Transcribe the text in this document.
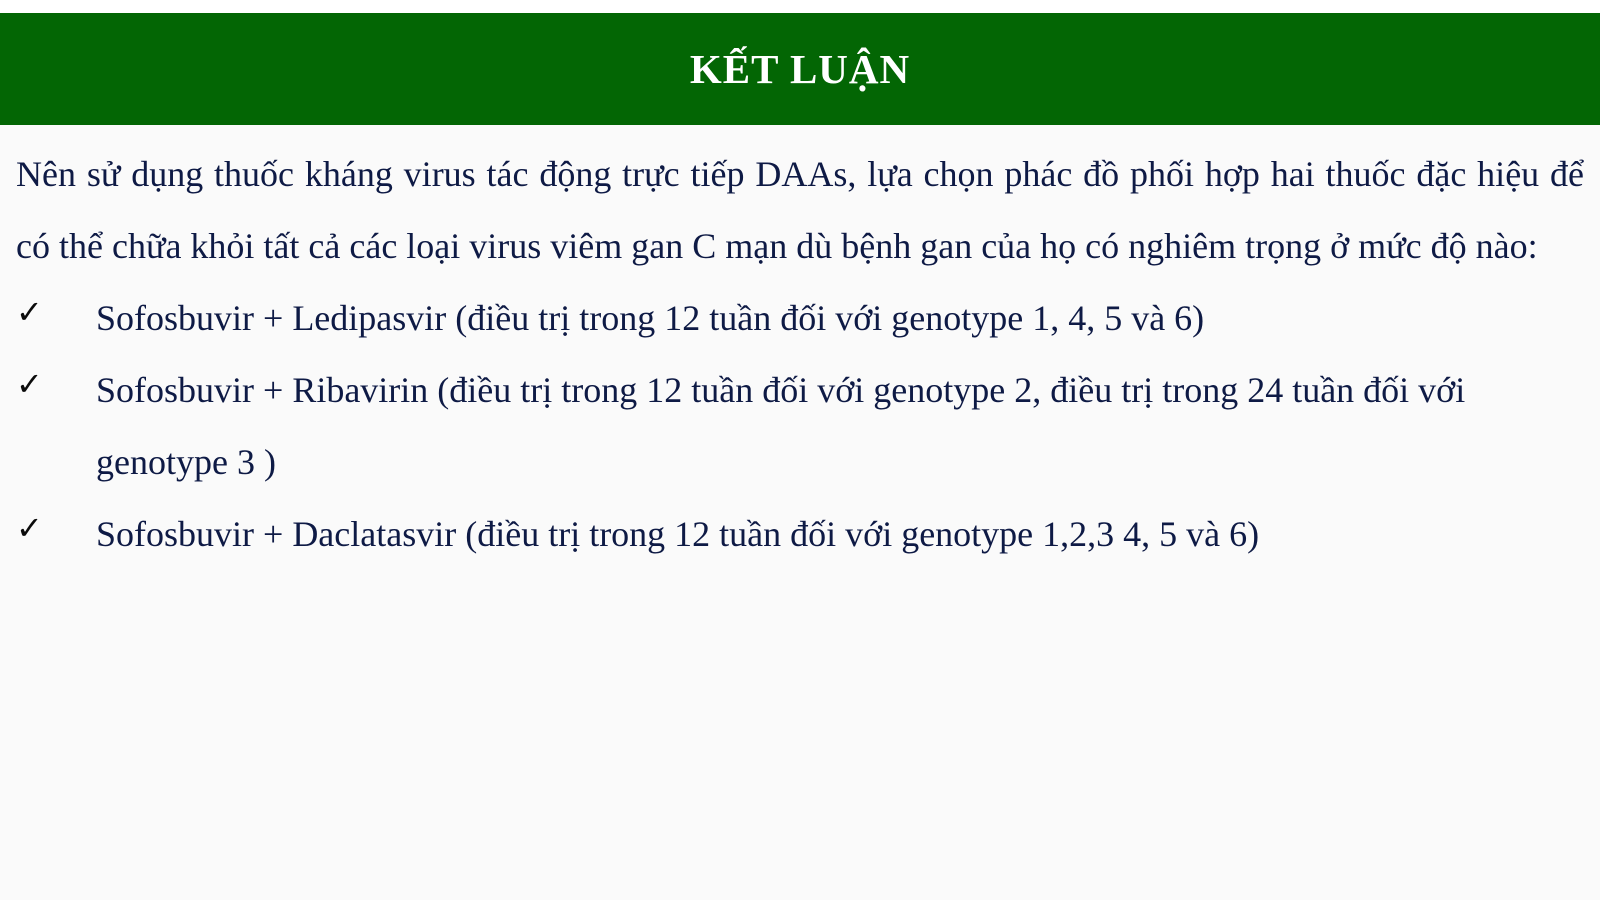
KẾT LUẬN

Nên sử dụng thuốc kháng virus tác động trực tiếp DAAs, lựa chọn phác đồ phối hợp hai thuốc đặc hiệu để có thể chữa khỏi tất cả các loại virus viêm gan C mạn dù bệnh gan của họ có nghiêm trọng ở mức độ nào:

✓ Sofosbuvir + Ledipasvir (điều trị trong 12 tuần đối với genotype 1, 4, 5 và 6)
✓ Sofosbuvir + Ribavirin (điều trị trong 12 tuần đối với genotype 2, điều trị trong 24 tuần đối với genotype 3 )
✓ Sofosbuvir + Daclatasvir (điều trị trong 12 tuần đối với genotype 1,2,3 4, 5 và 6)
